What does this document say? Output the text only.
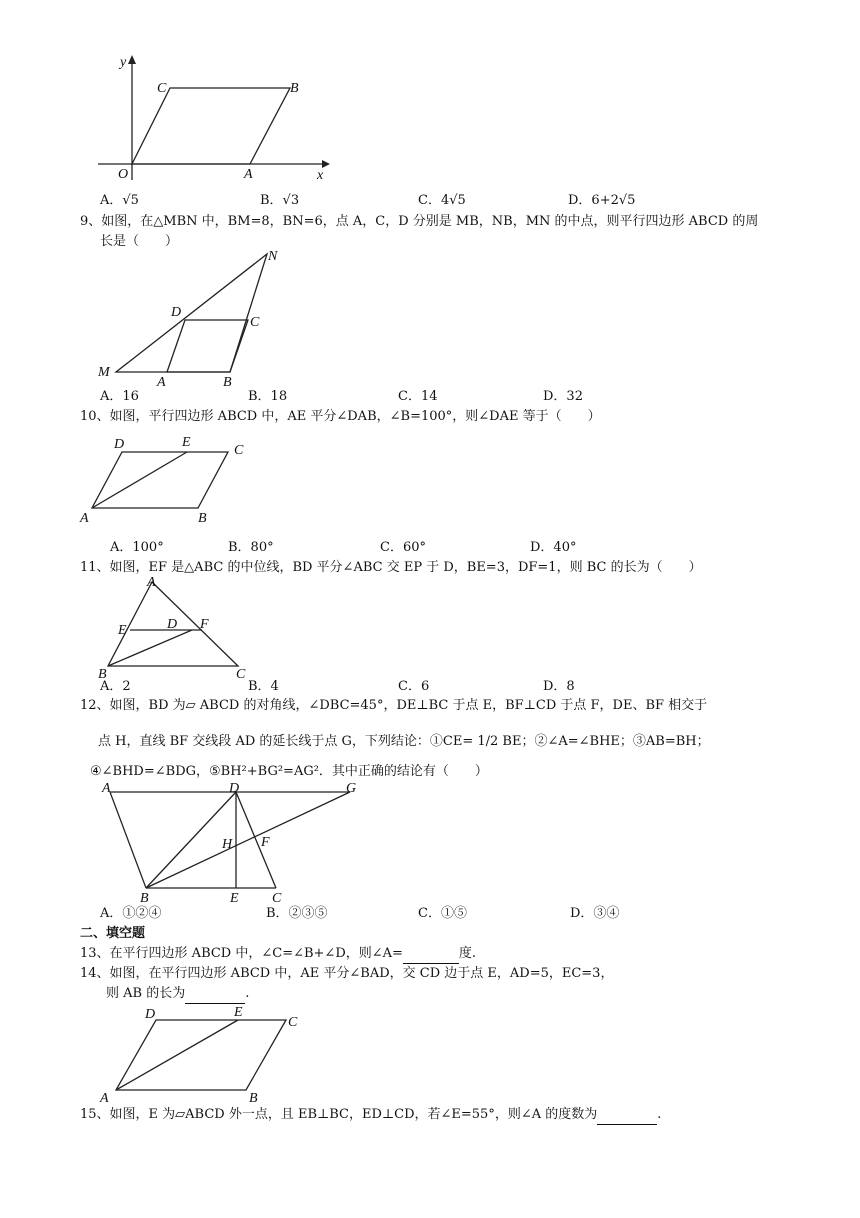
y
x
O	A
B
C
A．√5	B．√3	C．4√5	D．6+2√5
9、如图，在△MBN 中，BM=8，BN=6，点 A，C，D 分别是 MB，NB，MN 的中点，则平行四边形 ABCD 的周
长是（　　）
M
A	B
C
D
N
A．16	B．18	C．14	D．32
10、如图，平行四边形 ABCD 中，AE 平分∠DAB，∠B=100°，则∠DAE 等于（　　）
A	B
C
D	E
A．100°	B．80°	C．60°	D．40°
11、如图，EF 是△ABC 的中位线，BD 平分∠ABC 交 EP 于 D，BE=3，DF=1，则 BC 的长为（　　）
A
B	C
D
E	F
A．2	B．4	C．6	D．8
12、如图，BD 为▱ ABCD 的对角线，∠DBC=45°，DE⊥BC 于点 E，BF⊥CD 于点 F，DE、BF 相交于
点 H，直线 BF 交线段 AD 的延长线于点 G，下列结论：①CE= 1/2 BE；②∠A=∠BHE；③AB=BH；
④∠BHD=∠BDG，⑤BH²+BG²=AG²．其中正确的结论有（　　）
A
B	C
D
E
F
G
H
A．①②④	B．②③⑤	C．①⑤	D．③④
二、填空题
13、在平行四边形 ABCD 中，∠C=∠B+∠D，则∠A=	度.
14、如图，在平行四边形 ABCD 中，AE 平分∠BAD，交 CD 边于点 E，AD=5，EC=3，
则 AB 的长为	.
A	B
C
D	E
15、如图，E 为▱ABCD 外一点，且 EB⊥BC，ED⊥CD，若∠E=55°，则∠A 的度数为	.
